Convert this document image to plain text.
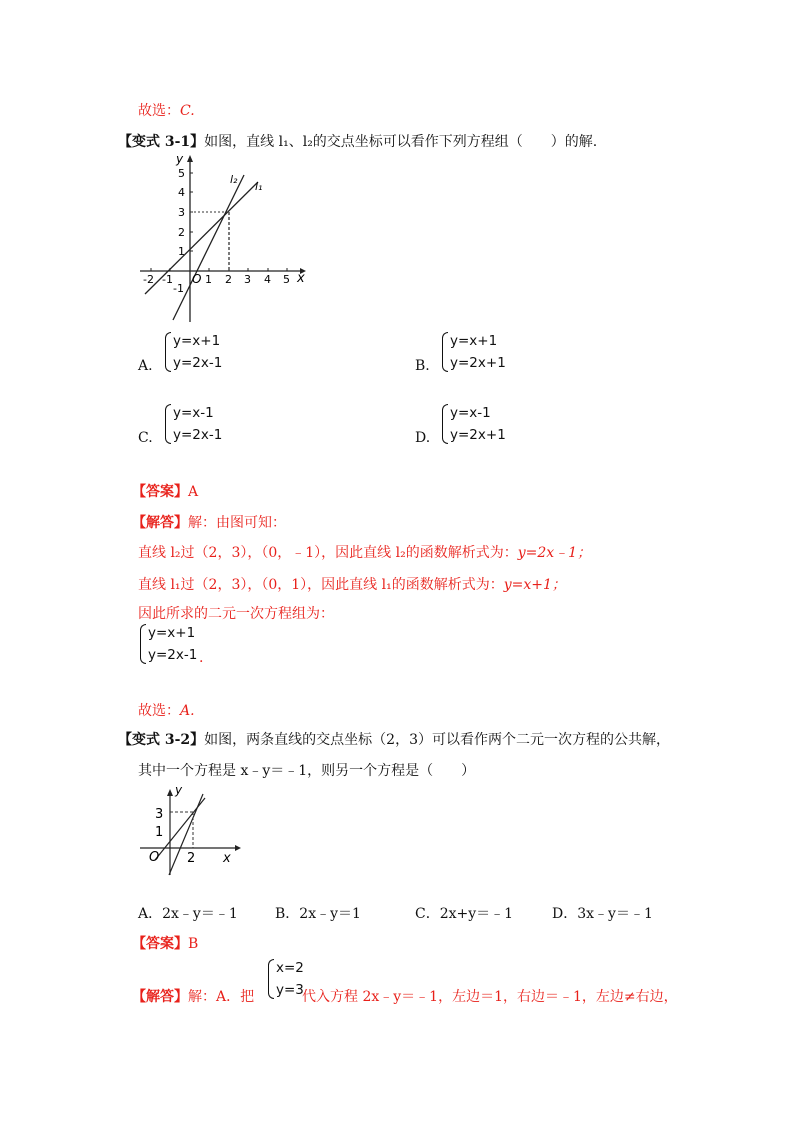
故选：C.
【变式 3-1】如图，直线 l₁、l₂的交点坐标可以看作下列方程组（　　）的解.
y
x
O
-2 -1	1 2 3 4 5
5
4
3
2
1
-1
l₂
l₁
A.
y=x+1
y=2x-1	B.
y=x+1
y=2x+1
C.
y=x-1
y=2x-1	D.
y=x-1
y=2x+1
【答案】A
【解答】解：由图可知：
直线 l₂过（2，3），（0，﹣1），因此直线 l₂的函数解析式为：y=2x﹣1；
直线 l₁过（2，3），（0，1），因此直线 l₁的函数解析式为：y=x+1；
因此所求的二元一次方程组为：
y=x+1
y=2x-1 .
故选：A.
【变式 3-2】如图，两条直线的交点坐标（2，3）可以看作两个二元一次方程的公共解，
其中一个方程是 x﹣y＝﹣1，则另一个方程是（　　）
y
x
O
3
1
2
A．2x﹣y＝﹣1	B．2x﹣y＝1	C．2x+y＝﹣1	D．3x﹣y＝﹣1
【答案】B
【解答】解：A．把
x=2
y=3
代入方程 2x﹣y＝﹣1，左边＝1，右边＝﹣1，左边≠右边，
